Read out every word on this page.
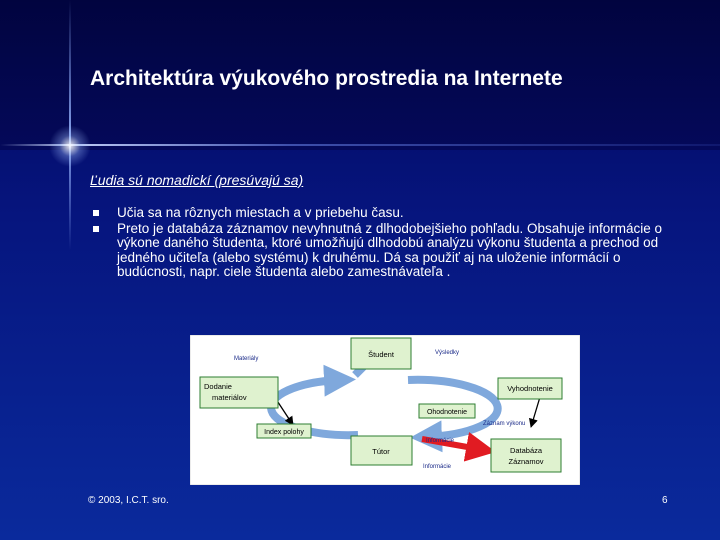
Architektúra výukového prostredia na Internete
Ľudia sú nomadickí (presúvajú sa)
Učia sa na rôznych miestach a v priebehu času.
Preto je databáza záznamov nevyhnutná z dlhodobejšieho pohľadu. Obsahuje informácie o výkone daného študenta, ktoré umožňujú dlhodobú analýzu výkonu študenta a prechod od jedného učiteľa (alebo systému) k druhému. Dá sa použiť aj na uloženie informácií o budúcnosti, napr. ciele študenta alebo zamestnávateľa .
Materiály
Výsledky
Záznam výkonu
Informácie
Informácie
Študent
Dodanie
materiálov
Vyhodnotenie
Ohodnotenie
Index polohy
Tútor	Databáza
Záznamov
© 2003, I.C.T. sro.	6
